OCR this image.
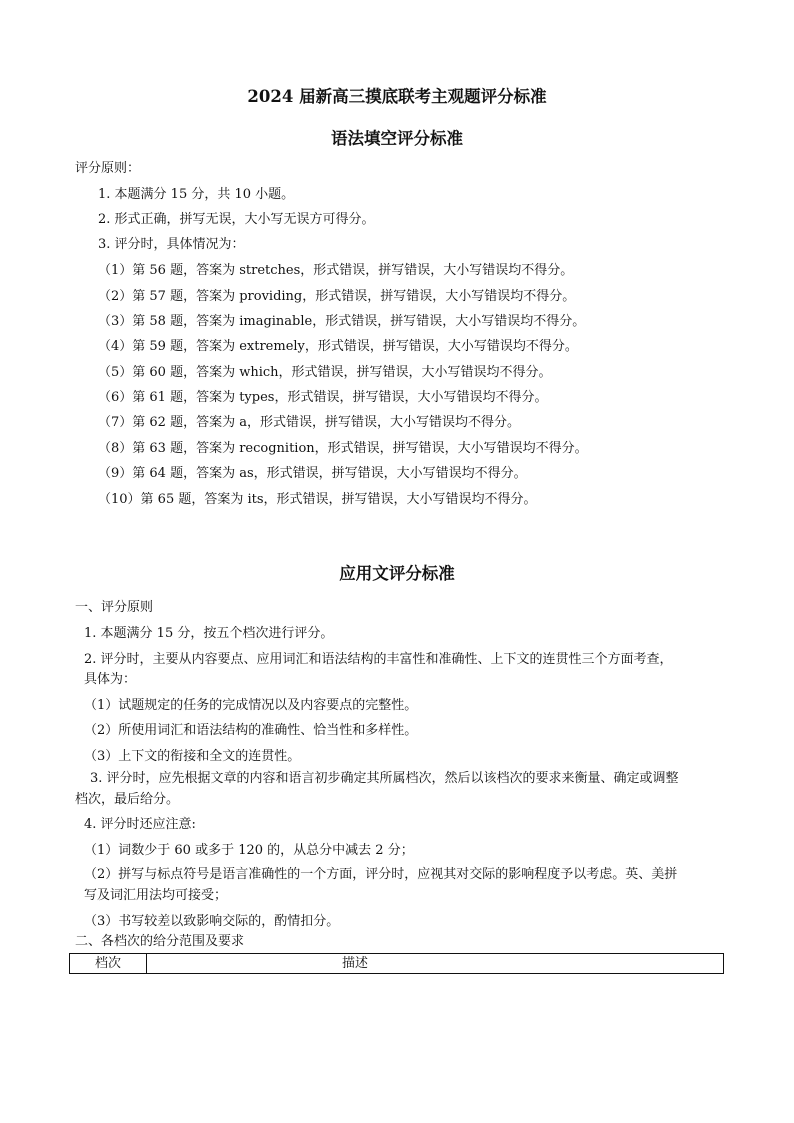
2024 届新高三摸底联考主观题评分标准
语法填空评分标准
评分原则：
1. 本题满分 15 分，共 10 小题。
2. 形式正确，拼写无误，大小写无误方可得分。
3. 评分时，具体情况为：
（1）第 56 题，答案为 stretches，形式错误，拼写错误，大小写错误均不得分。
（2）第 57 题，答案为 providing，形式错误，拼写错误，大小写错误均不得分。
（3）第 58 题，答案为 imaginable，形式错误，拼写错误，大小写错误均不得分。
（4）第 59 题，答案为 extremely，形式错误，拼写错误，大小写错误均不得分。
（5）第 60 题，答案为 which，形式错误，拼写错误，大小写错误均不得分。
（6）第 61 题，答案为 types，形式错误，拼写错误，大小写错误均不得分。
（7）第 62 题，答案为 a，形式错误，拼写错误，大小写错误均不得分。
（8）第 63 题，答案为 recognition，形式错误，拼写错误，大小写错误均不得分。
（9）第 64 题，答案为 as，形式错误，拼写错误，大小写错误均不得分。
（10）第 65 题，答案为 its，形式错误，拼写错误，大小写错误均不得分。
应用文评分标准
一、评分原则
1. 本题满分 15 分，按五个档次进行评分。
2. 评分时，主要从内容要点、应用词汇和语法结构的丰富性和准确性、上下文的连贯性三个方面考查，
具体为：
（1）试题规定的任务的完成情况以及内容要点的完整性。
（2）所使用词汇和语法结构的准确性、恰当性和多样性。
（3）上下文的衔接和全文的连贯性。
3. 评分时，应先根据文章的内容和语言初步确定其所属档次，然后以该档次的要求来衡量、确定或调整
档次，最后给分。
4. 评分时还应注意:
（1）词数少于 60 或多于 120 的，从总分中减去 2 分；
（2）拼写与标点符号是语言准确性的一个方面，评分时，应视其对交际的影响程度予以考虑。英、美拼
写及词汇用法均可接受；
（3）书写较差以致影响交际的，酌情扣分。
二、各档次的给分范围及要求
档次	描述
